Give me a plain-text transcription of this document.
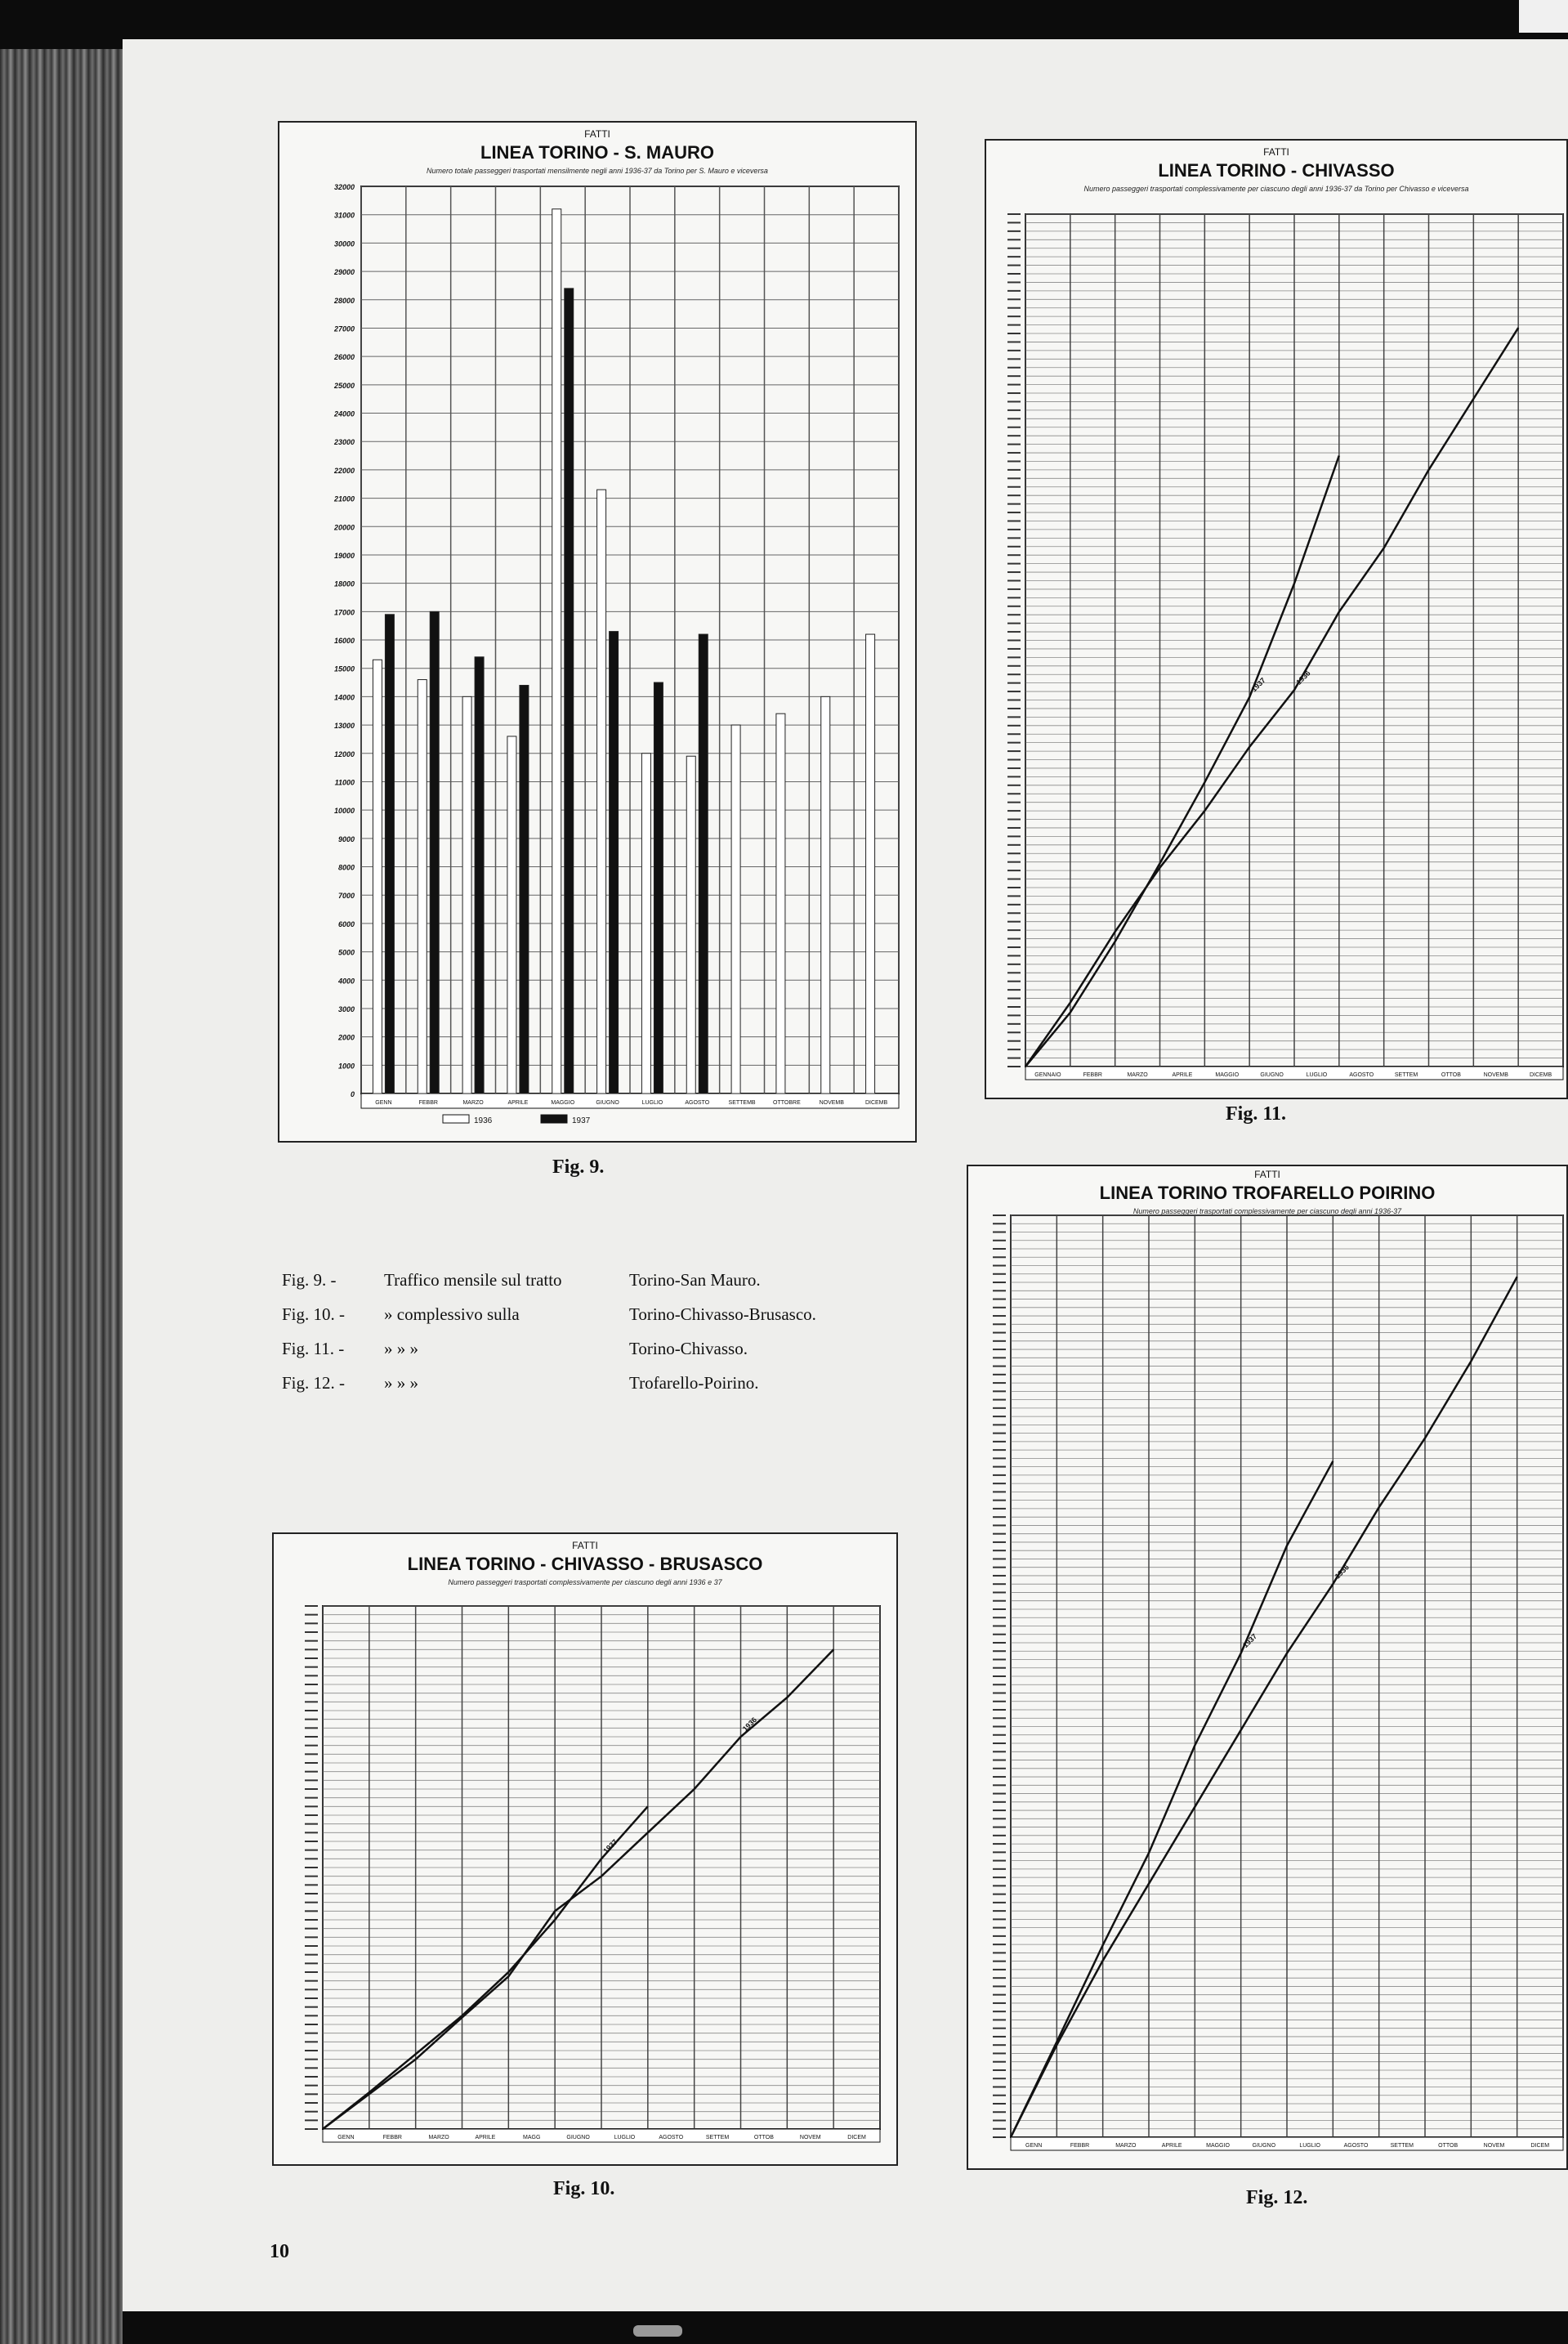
FATTI
LINEA TORINO - S. MAURO
Numero totale passeggeri trasportati mensilmente negli anni 1936-37 da Torino per S. Mauro e viceversa
0
1000
2000
3000
4000
5000
6000
7000
8000
9000
10000
11000
12000
13000
14000
15000
16000
17000
18000
19000
20000
21000
22000
23000
24000
25000
26000
27000
28000
29000
30000
31000
32000
GENN	FEBBR	MARZO	APRILE	MAGGIO	GIUGNO	LUGLIO	AGOSTO	SETTEMB	OTTOBRE	NOVEMB	DICEMB
1936	1937
Fig. 9.
FATTI
LINEA TORINO - CHIVASSO
Numero passeggeri trasportati complessivamente per ciascuno degli anni 1936-37 da Torino per Chivasso e viceversa
GENNAIO	FEBBR	MARZO	APRILE	MAGGIO	GIUGNO	LUGLIO	AGOSTO	SETTEM	OTTOB	NOVEMB	DICEMB
1936
1937
Fig. 11.
Fig. 9. -	Traffico mensile sul tratto	Torino-San Mauro.
Fig. 10. - » complessivo sulla	Torino-Chivasso-Brusasco.
Fig. 11. - » » »	Torino-Chivasso.
Fig. 12. - » » »	Trofarello-Poirino.
FATTI
LINEA TORINO - CHIVASSO - BRUSASCO
Numero passeggeri trasportati complessivamente per ciascuno degli anni 1936 e 37
GENN	FEBBR	MARZO	APRILE	MAGG	GIUGNO	LUGLIO	AGOSTO	SETTEM	OTTOB	NOVEM	DICEM
1936
1937
Fig. 10.
FATTI
LINEA TORINO TROFARELLO POIRINO
Numero passeggeri trasportati complessivamente per ciascuno degli anni 1936-37
GENN	FEBBR	MARZO	APRILE	MAGGIO	GIUGNO	LUGLIO	AGOSTO	SETTEM	OTTOB	NOVEM	DICEM
1936
1937
Fig. 12.
10
